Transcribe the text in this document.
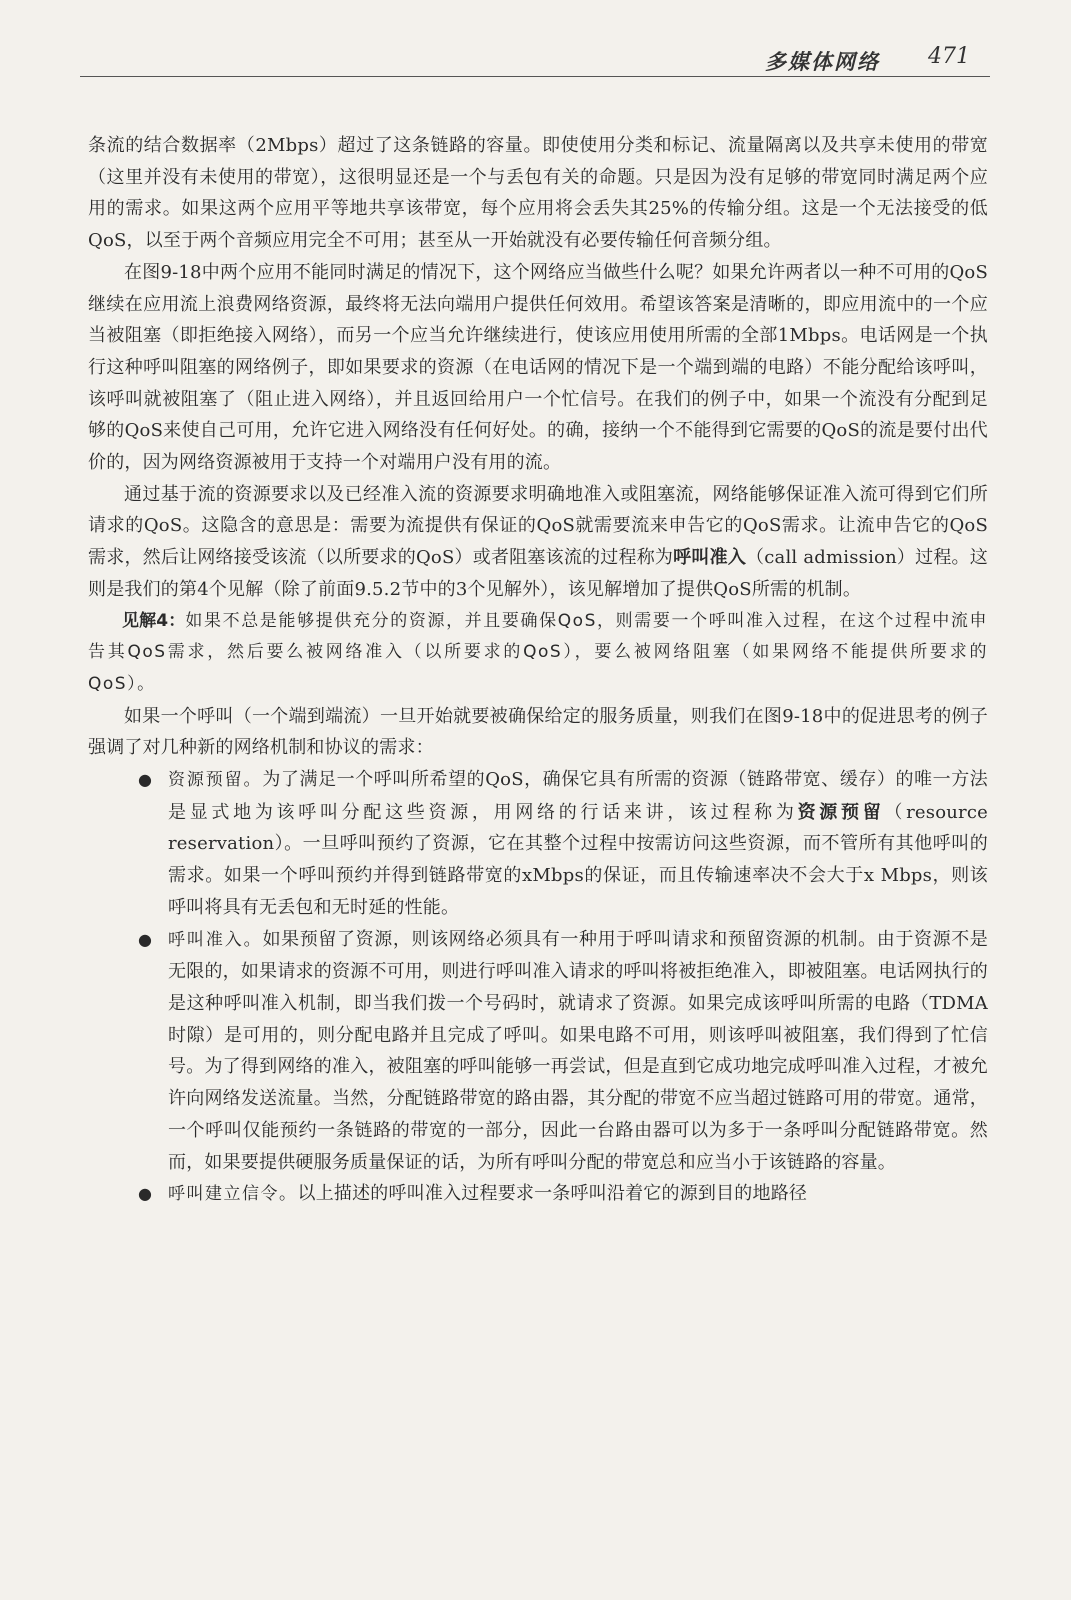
多媒体网络 471

条流的结合数据率（2Mbps）超过了这条链路的容量。即使使用分类和标记、流量隔离以及共享未使用的带宽（这里并没有未使用的带宽），这很明显还是一个与丢包有关的命题。只是因为没有足够的带宽同时满足两个应用的需求。如果这两个应用平等地共享该带宽，每个应用将会丢失其25%的传输分组。这是一个无法接受的低QoS，以至于两个音频应用完全不可用；甚至从一开始就没有必要传输任何音频分组。

在图9-18中两个应用不能同时满足的情况下，这个网络应当做些什么呢？如果允许两者以一种不可用的QoS继续在应用流上浪费网络资源，最终将无法向端用户提供任何效用。希望该答案是清晰的，即应用流中的一个应当被阻塞（即拒绝接入网络），而另一个应当允许继续进行，使该应用使用所需的全部1Mbps。电话网是一个执行这种呼叫阻塞的网络例子，即如果要求的资源（在电话网的情况下是一个端到端的电路）不能分配给该呼叫，该呼叫就被阻塞了（阻止进入网络），并且返回给用户一个忙信号。在我们的例子中，如果一个流没有分配到足够的QoS来使自己可用，允许它进入网络没有任何好处。的确，接纳一个不能得到它需要的QoS的流是要付出代价的，因为网络资源被用于支持一个对端用户没有用的流。

通过基于流的资源要求以及已经准入流的资源要求明确地准入或阻塞流，网络能够保证准入流可得到它们所请求的QoS。这隐含的意思是：需要为流提供有保证的QoS就需要流来申告它的QoS需求。让流申告它的QoS需求，然后让网络接受该流（以所要求的QoS）或者阻塞该流的过程称为呼叫准入（call admission）过程。这则是我们的第4个见解（除了前面9.5.2节中的3个见解外），该见解增加了提供QoS所需的机制。

见解4：如果不总是能够提供充分的资源，并且要确保QoS，则需要一个呼叫准入过程，在这个过程中流申告其QoS需求，然后要么被网络准入（以所要求的QoS），要么被网络阻塞（如果网络不能提供所要求的QoS）。

如果一个呼叫（一个端到端流）一旦开始就要被确保给定的服务质量，则我们在图9-18中的促进思考的例子强调了对几种新的网络机制和协议的需求：

● 资源预留。为了满足一个呼叫所希望的QoS，确保它具有所需的资源（链路带宽、缓存）的唯一方法是显式地为该呼叫分配这些资源，用网络的行话来讲，该过程称为资源预留（resource reservation）。一旦呼叫预约了资源，它在其整个过程中按需访问这些资源，而不管所有其他呼叫的需求。如果一个呼叫预约并得到链路带宽的xMbps的保证，而且传输速率决不会大于x Mbps，则该呼叫将具有无丢包和无时延的性能。
● 呼叫准入。如果预留了资源，则该网络必须具有一种用于呼叫请求和预留资源的机制。由于资源不是无限的，如果请求的资源不可用，则进行呼叫准入请求的呼叫将被拒绝准入，即被阻塞。电话网执行的是这种呼叫准入机制，即当我们拨一个号码时，就请求了资源。如果完成该呼叫所需的电路（TDMA时隙）是可用的，则分配电路并且完成了呼叫。如果电路不可用，则该呼叫被阻塞，我们得到了忙信号。为了得到网络的准入，被阻塞的呼叫能够一再尝试，但是直到它成功地完成呼叫准入过程，才被允许向网络发送流量。当然，分配链路带宽的路由器，其分配的带宽不应当超过链路可用的带宽。通常，一个呼叫仅能预约一条链路的带宽的一部分，因此一台路由器可以为多于一条呼叫分配链路带宽。然而，如果要提供硬服务质量保证的话，为所有呼叫分配的带宽总和应当小于该链路的容量。
● 呼叫建立信令。以上描述的呼叫准入过程要求一条呼叫沿着它的源到目的地路径
